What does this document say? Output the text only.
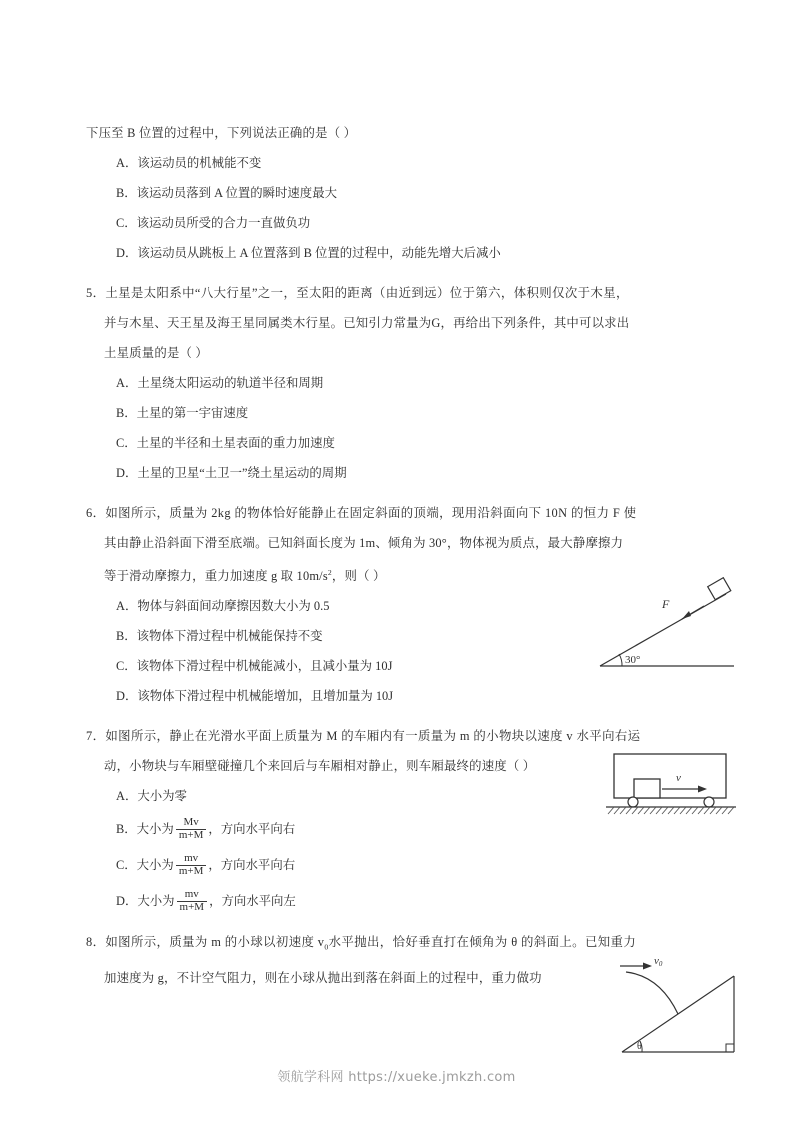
下压至 B 位置的过程中，下列说法正确的是（ ）
A．该运动员的机械能不变
B．该运动员落到 A 位置的瞬时速度最大
C．该运动员所受的合力一直做负功
D．该运动员从跳板上 A 位置落到 B 位置的过程中，动能先增大后减小
5．土星是太阳系中“八大行星”之一，至太阳的距离（由近到远）位于第六，体积则仅次于木星，
并与木星、天王星及海王星同属类木行星。已知引力常量为G，再给出下列条件，其中可以求出
土星质量的是（ ）
A．土星绕太阳运动的轨道半径和周期
B．土星的第一宇宙速度
C．土星的半径和土星表面的重力加速度
D．土星的卫星“土卫一”绕土星运动的周期
6．如图所示，质量为 2kg 的物体恰好能静止在固定斜面的顶端，现用沿斜面向下 10N 的恒力 F 使
其由静止沿斜面下滑至底端。已知斜面长度为 1m、倾角为 30°，物体视为质点，最大静摩擦力
等于滑动摩擦力，重力加速度 g 取 $10m/s^2$，则（ ）
A．物体与斜面间动摩擦因数大小为 0.5
B．该物体下滑过程中机械能保持不变
C．该物体下滑过程中机械能减小，且减小量为 10J
D．该物体下滑过程中机械能增加，且增加量为 10J
7．如图所示，静止在光滑水平面上质量为 M 的车厢内有一质量为 m 的小物块以速度 v 水平向右运
动，小物块与车厢壁碰撞几个来回后与车厢相对静止，则车厢最终的速度（ ）
A．大小为零
B．大小为 $\frac{Mv}{m+M}$ ，方向水平向右
C．大小为 $\frac{mv}{m+M}$ ，方向水平向右
D．大小为 $\frac{mv}{m+M}$ ，方向水平向左
8．如图所示，质量为 m 的小球以初速度 $v_0$水平抛出，恰好垂直打在倾角为 θ 的斜面上。已知重力
加速度为 g，不计空气阻力，则在小球从抛出到落在斜面上的过程中，重力做功
30°
F
v
θ
v0
领航学科网 https://xueke.jmkzh.com
